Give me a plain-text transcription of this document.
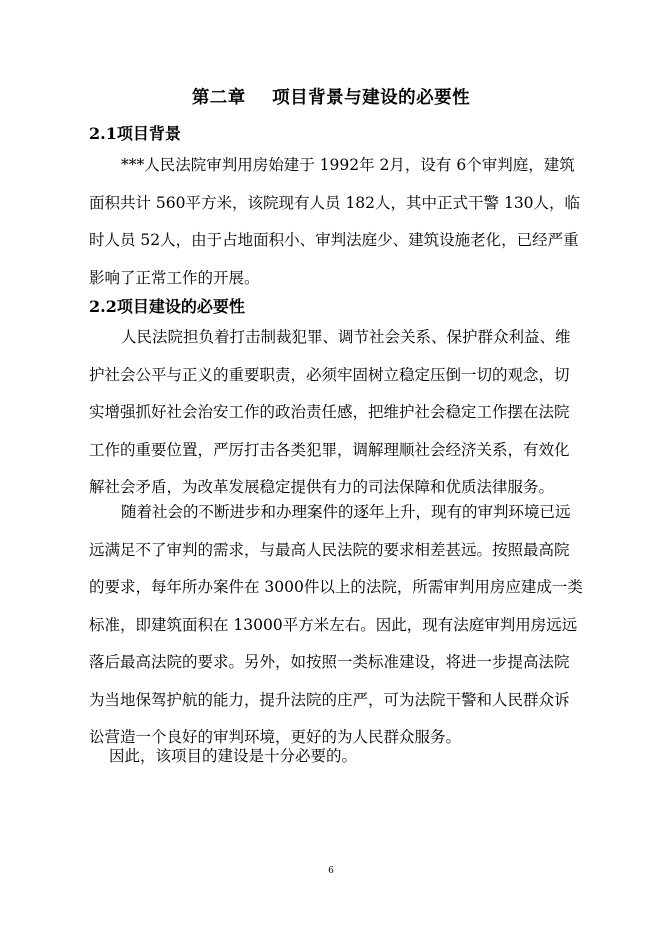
第二章    项目背景与建设的必要性
2.1项目背景
***人民法院审判用房始建于 1992年 2月，设有 6个审判庭，建筑
面积共计 560平方米，该院现有人员 182人，其中正式干警 130人，临
时人员 52人，由于占地面积小、审判法庭少、建筑设施老化，已经严重
影响了正常工作的开展。
2.2项目建设的必要性
人民法院担负着打击制裁犯罪、调节社会关系、保护群众利益、维
护社会公平与正义的重要职责，必须牢固树立稳定压倒一切的观念，切
实增强抓好社会治安工作的政治责任感，把维护社会稳定工作摆在法院
工作的重要位置，严厉打击各类犯罪，调解理顺社会经济关系，有效化
解社会矛盾，为改革发展稳定提供有力的司法保障和优质法律服务。
随着社会的不断进步和办理案件的逐年上升，现有的审判环境已远
远满足不了审判的需求，与最高人民法院的要求相差甚远。按照最高院
的要求，每年所办案件在 3000件以上的法院，所需审判用房应建成一类
标准，即建筑面积在 13000平方米左右。因此，现有法庭审判用房远远
落后最高法院的要求。另外，如按照一类标准建设，将进一步提高法院
为当地保驾护航的能力，提升法院的庄严，可为法院干警和人民群众诉
讼营造一个良好的审判环境，更好的为人民群众服务。
因此，该项目的建设是十分必要的。
6
